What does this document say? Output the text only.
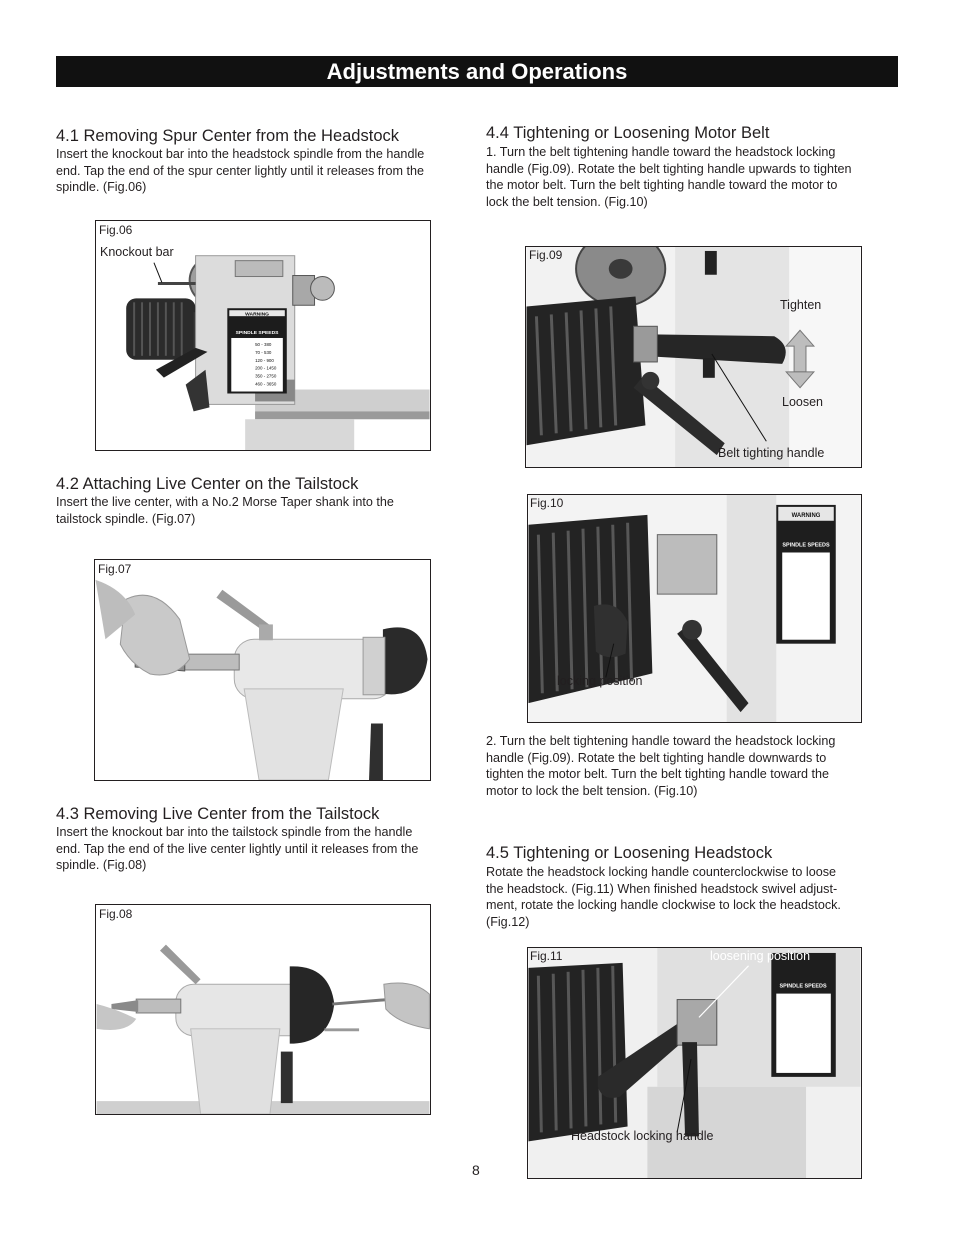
Adjustments and Operations
4.1 Removing Spur Center from the Headstock
Insert the knockout bar into the headstock spindle from the handle
end. Tap the end of the spur center lightly until it releases from the
spindle. (Fig.06)
WARNING
SPINDLE SPEEDS
50 - 380
70 - 530
120 - 900
200 - 1450
350 - 2750
460 - 3650
Fig.06
Knockout bar
4.2 Attaching Live Center on the Tailstock
Insert the live center, with a No.2 Morse Taper shank into the
tailstock spindle. (Fig.07)
Fig.07
4.3 Removing Live Center from the Tailstock
Insert the knockout bar into the tailstock spindle from the handle
end. Tap the end of the live center lightly until it releases from the
spindle. (Fig.08)
Fig.08
4.4 Tightening or Loosening Motor Belt
1. Turn the belt tightening handle toward the headstock locking
handle (Fig.09). Rotate the belt tighting handle upwards to tighten
the motor belt. Turn the belt tighting handle toward the motor to
lock the belt tension. (Fig.10)
Fig.09
Tighten
Loosen
Belt tighting handle
WARNING
SPINDLE SPEEDS
Fig.10
locking position
2. Turn the belt tightening handle toward the headstock locking
handle (Fig.09). Rotate the belt tighting handle downwards to
tighten the motor belt. Turn the belt tighting handle toward the
motor to lock the belt tension. (Fig.10)
4.5 Tightening or Loosening Headstock
Rotate the headstock locking handle counterclockwise to loose
the headstock. (Fig.11) When finished headstock swivel adjust-
ment, rotate the locking handle clockwise to lock the headstock.
(Fig.12)
SPINDLE SPEEDS
Fig.11	loosening position
Headstock locking handle
8
